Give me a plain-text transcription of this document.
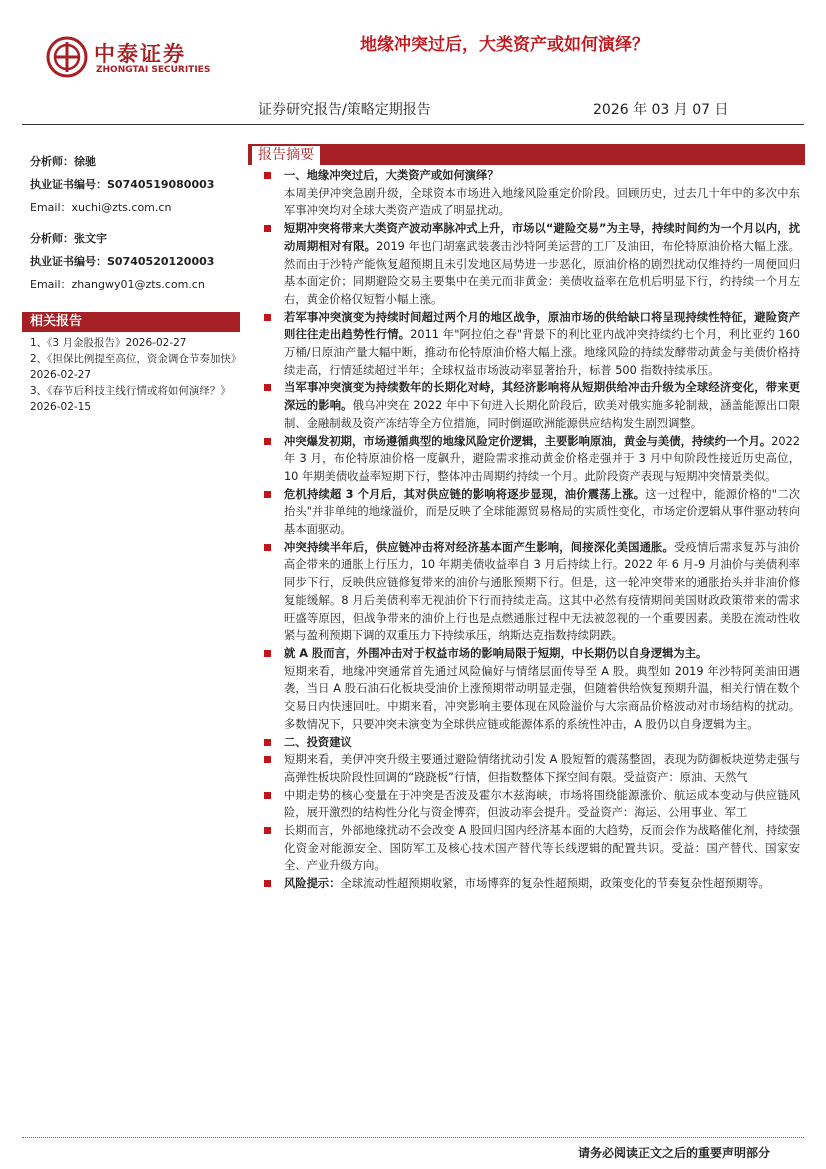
中泰证券
ZHONGTAI SECURITIES
地缘冲突过后，大类资产或如何演绎？
证券研究报告/策略定期报告	2026 年 03 月 07 日
分析师：徐驰
执业证书编号：S0740519080003
Email：xuchi@zts.com.cn
分析师：张文宇
执业证书编号：S0740520120003
Email：zhangwy01@zts.com.cn
相关报告
1、《3 月金股报告》2026-02-27
2、《担保比例提至高位，资金调仓节奏加快》2026-02-27
3、《春节后科技主线行情或将如何演绎？》2026-02-15
报告摘要

一、地缘冲突过后，大类资产或如何演绎？

本周美伊冲突急剧升级，全球资本市场进入地缘风险重定价阶段。回顾历史，过去几十年中的多次中东军事冲突均对全球大类资产造成了明显扰动。

短期冲突将带来大类资产波动率脉冲式上升，市场以“避险交易”为主导，持续时间约为一个月以内，扰动周期相对有限。2019 年也门胡塞武装袭击沙特阿美运营的工厂及油田，布伦特原油价格大幅上涨。然而由于沙特产能恢复超预期且未引发地区局势进一步恶化，原油价格的剧烈扰动仅维持约一周便回归基本面定价；同期避险交易主要集中在美元而非黄金：美债收益率在危机后明显下行，约持续一个月左右，黄金价格仅短暂小幅上涨。

若军事冲突演变为持续时间超过两个月的地区战争，原油市场的供给缺口将呈现持续性特征，避险资产则往往走出趋势性行情。2011 年"阿拉伯之春"背景下的利比亚内战冲突持续约七个月，利比亚约 160 万桶/日原油产量大幅中断，推动布伦特原油价格大幅上涨。地缘风险的持续发酵带动黄金与美债价格持续走高，行情延续超过半年；全球权益市场波动率显著抬升，标普 500 指数持续承压。

当军事冲突演变为持续数年的长期化对峙，其经济影响将从短期供给冲击升级为全球经济变化，带来更深远的影响。俄乌冲突在 2022 年中下旬进入长期化阶段后，欧美对俄实施多轮制裁，涵盖能源出口限制、金融制裁及资产冻结等全方位措施，同时倒逼欧洲能源供应结构发生剧烈调整。

冲突爆发初期，市场遵循典型的地缘风险定价逻辑，主要影响原油，黄金与美债，持续约一个月。2022 年 3 月，布伦特原油价格一度飙升，避险需求推动黄金价格走强并于 3 月中旬阶段性接近历史高位，10 年期美债收益率短期下行，整体冲击周期约持续一个月。此阶段资产表现与短期冲突情景类似。

危机持续超 3 个月后，其对供应链的影响将逐步显现，油价震荡上涨。这一过程中，能源价格的"二次抬头"并非单纯的地缘溢价，而是反映了全球能源贸易格局的实质性变化，市场定价逻辑从事件驱动转向基本面驱动。

冲突持续半年后，供应链冲击将对经济基本面产生影响，间接深化美国通胀。受疫情后需求复苏与油价高企带来的通胀上行压力，10 年期美债收益率自 3 月后持续上行。2022 年 6 月-9 月油价与美债利率同步下行，反映供应链修复带来的油价与通胀预期下行。但是，这一轮冲突带来的通胀抬头并非油价修复能缓解。8 月后美债利率无视油价下行而持续走高。这其中必然有疫情期间美国财政政策带来的需求旺盛等原因，但战争带来的油价上行也是点燃通胀过程中无法被忽视的一个重要因素。美股在流动性收紧与盈利预期下调的双重压力下持续承压，纳斯达克指数持续阴跌。

就 A 股而言，外围冲击对于权益市场的影响局限于短期，中长期仍以自身逻辑为主。

短期来看，地缘冲突通常首先通过风险偏好与情绪层面传导至 A 股。典型如 2019 年沙特阿美油田遇袭，当日 A 股石油石化板块受油价上涨预期带动明显走强，但随着供给恢复预期升温，相关行情在数个交易日内快速回吐。中期来看，冲突影响主要体现在风险溢价与大宗商品价格波动对市场结构的扰动。多数情况下，只要冲突未演变为全球供应链或能源体系的系统性冲击，A 股仍以自身逻辑为主。

二、投资建议

短期来看，美伊冲突升级主要通过避险情绪扰动引发 A 股短暂的震荡整固，表现为防御板块逆势走强与高弹性板块阶段性回调的“跷跷板”行情，但指数整体下探空间有限。受益资产：原油、天然气

中期走势的核心变量在于冲突是否波及霍尔木兹海峡，市场将围绕能源涨价、航运成本变动与供应链风险，展开激烈的结构性分化与资金博弈，但波动率会提升。受益资产：海运、公用事业、军工

长期而言，外部地缘扰动不会改变 A 股回归国内经济基本面的大趋势，反而会作为战略催化剂，持续强化资金对能源安全、国防军工及核心技术国产替代等长线逻辑的配置共识。受益：国产替代、国家安全、产业升级方向。

风险提示：全球流动性超预期收紧，市场博弈的复杂性超预期，政策变化的节奏复杂性超预期等。

请务必阅读正文之后的重要声明部分
